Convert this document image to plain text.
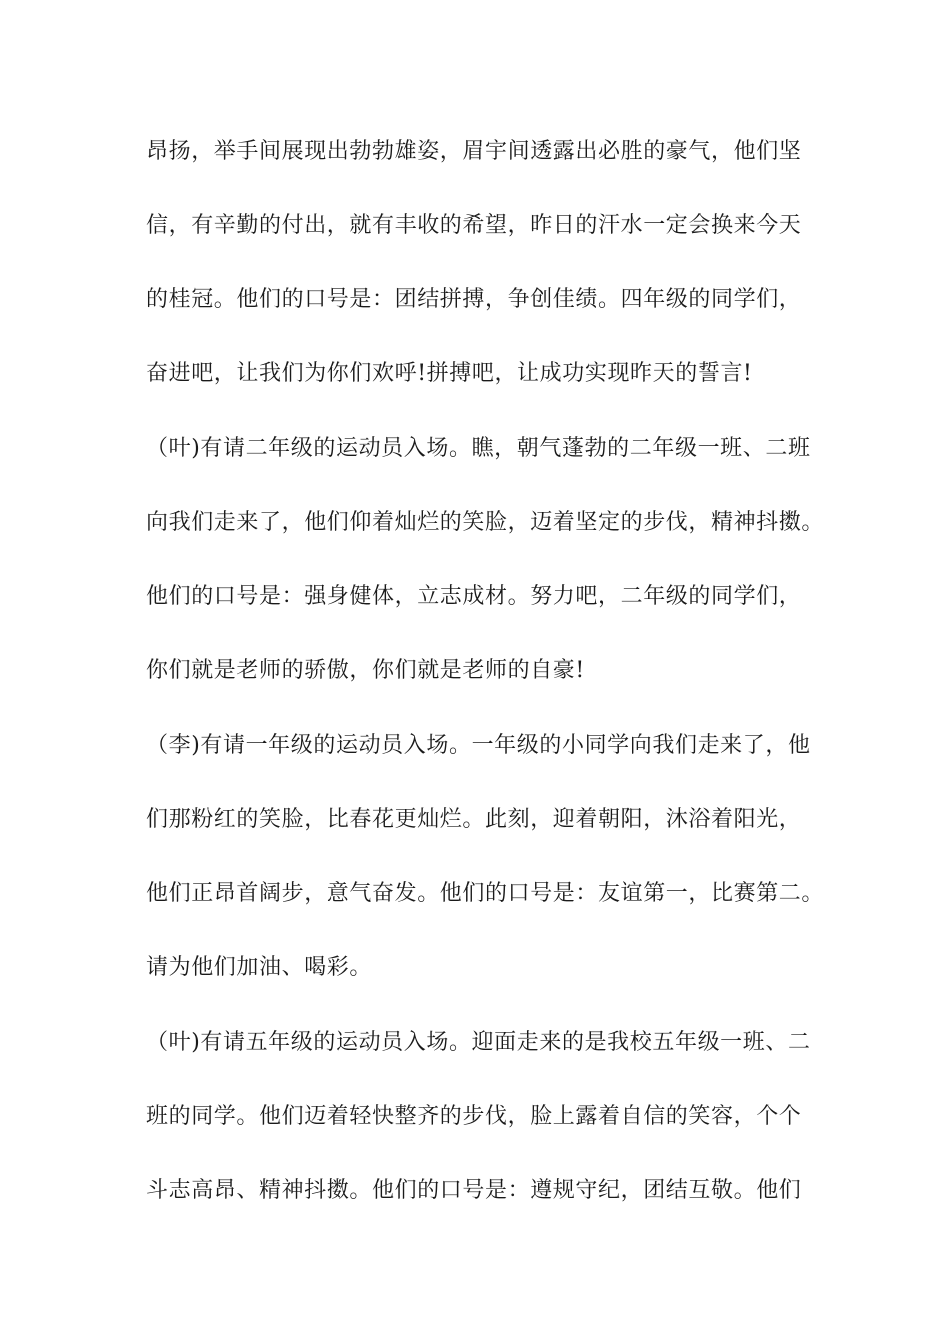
昂扬，举手间展现出勃勃雄姿，眉宇间透露出必胜的豪气，他们坚

信，有辛勤的付出，就有丰收的希望，昨日的汗水一定会换来今天

的桂冠。他们的口号是：团结拼搏，争创佳绩。四年级的同学们，

奋进吧，让我们为你们欢呼!拼搏吧，让成功实现昨天的誓言!

（叶)有请二年级的运动员入场。瞧，朝气蓬勃的二年级一班、二班

向我们走来了，他们仰着灿烂的笑脸，迈着坚定的步伐，精神抖擞。

他们的口号是：强身健体，立志成材。努力吧，二年级的同学们，

你们就是老师的骄傲，你们就是老师的自豪!

（李)有请一年级的运动员入场。一年级的小同学向我们走来了，他

们那粉红的笑脸，比春花更灿烂。此刻，迎着朝阳，沐浴着阳光，

他们正昂首阔步，意气奋发。他们的口号是：友谊第一，比赛第二。

请为他们加油、喝彩。

（叶)有请五年级的运动员入场。迎面走来的是我校五年级一班、二

班的同学。他们迈着轻快整齐的步伐，脸上露着自信的笑容，个个

斗志高昂、精神抖擞。他们的口号是：遵规守纪，团结互敬。他们
